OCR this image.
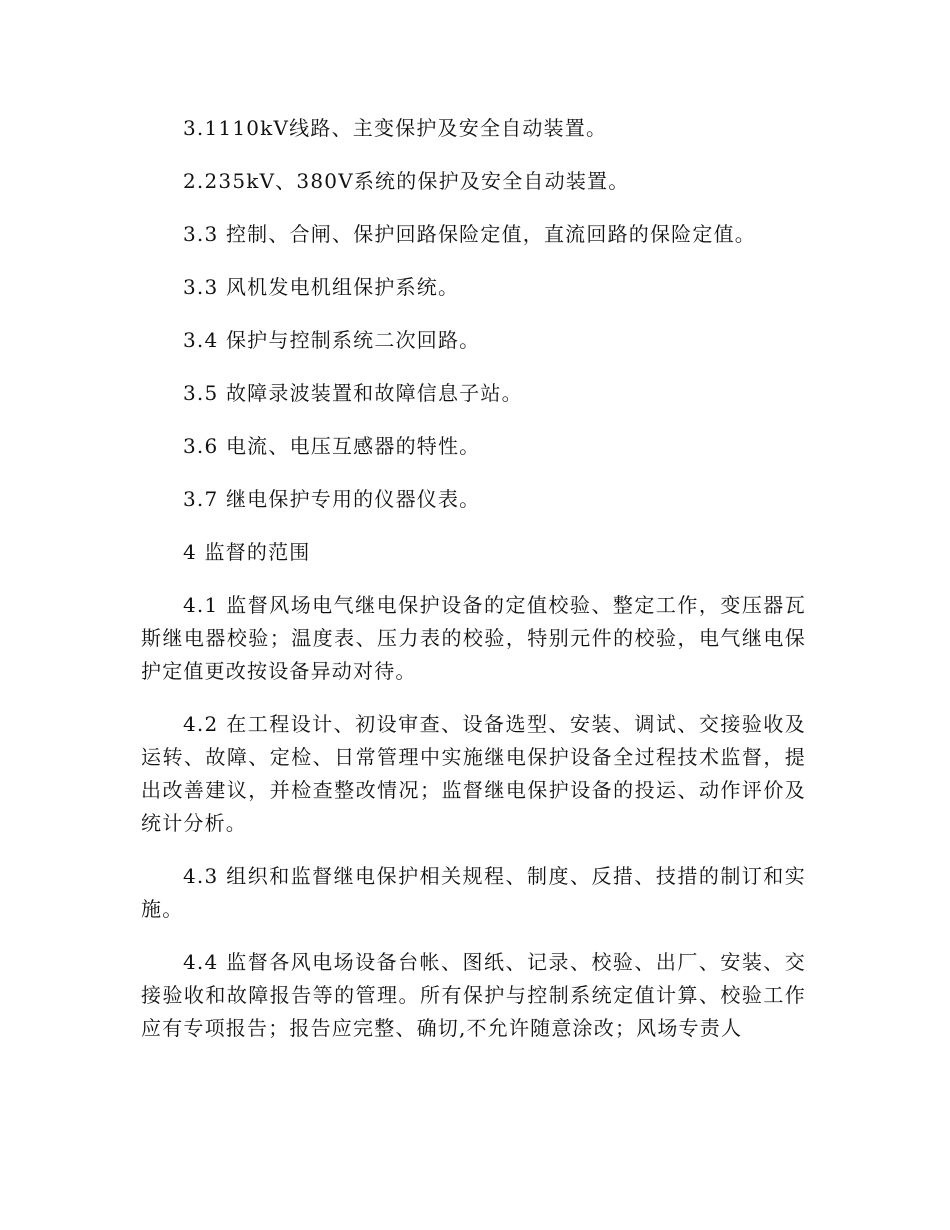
3.1110kV线路、主变保护及安全自动装置。

2.235kV、380V系统的保护及安全自动装置。

3.3 控制、合闸、保护回路保险定值，直流回路的保险定值。

3.3 风机发电机组保护系统。

3.4 保护与控制系统二次回路。

3.5 故障录波装置和故障信息子站。

3.6 电流、电压互感器的特性。

3.7 继电保护专用的仪器仪表。

4 监督的范围

4.1 监督风场电气继电保护设备的定值校验、整定工作，变压器瓦斯继电器校验；温度表、压力表的校验，特别元件的校验，电气继电保护定值更改按设备异动对待。

4.2 在工程设计、初设审查、设备选型、安装、调试、交接验收及运转、故障、定检、日常管理中实施继电保护设备全过程技术监督，提出改善建议，并检查整改情况；监督继电保护设备的投运、动作评价及统计分析。

4.3 组织和监督继电保护相关规程、制度、反措、技措的制订和实施。

4.4 监督各风电场设备台帐、图纸、记录、校验、出厂、安装、交接验收和故障报告等的管理。所有保护与控制系统定值计算、校验工作应有专项报告；报告应完整、确切,不允许随意涂改；风场专责人
